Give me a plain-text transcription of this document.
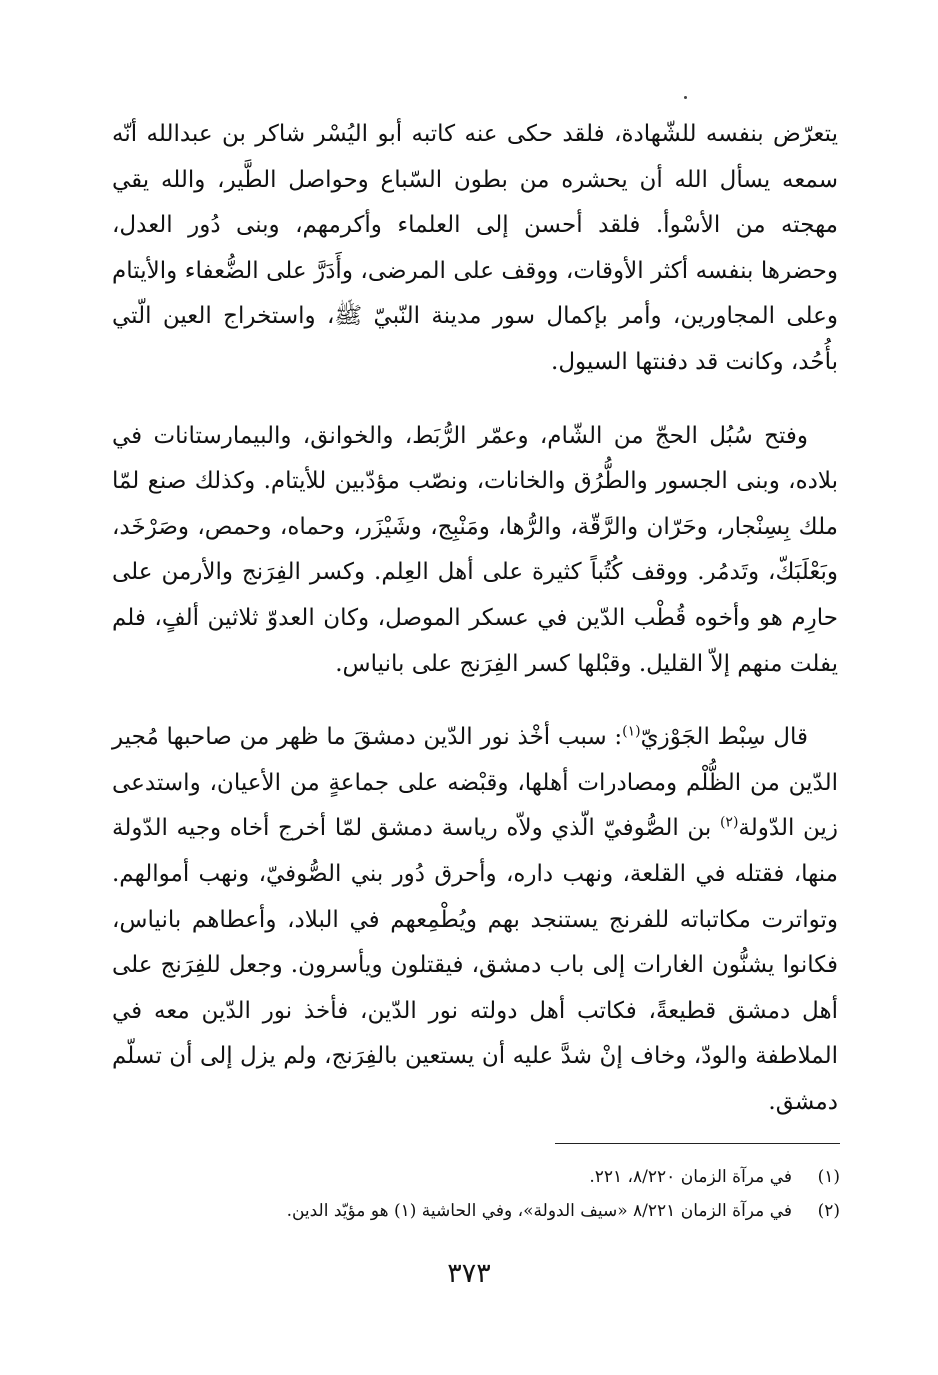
يتعرّض بنفسه للشّهادة، فلقد حكى عنه كاتبه أبو اليُسْر شاكر بن عبدالله أنّه سمعه يسأل الله أن يحشره من بطون السّباع وحواصل الطَّير، والله يقي مهجته من الأسْوأ. فلقد أحسن إلى العلماء وأكرمهم، وبنى دُور العدل، وحضرها بنفسه أكثر الأوقات، ووقف على المرضى، وأَدَرَّ على الضُّعفاء والأيتام وعلى المجاورين، وأمر بإكمال سور مدينة النّبيّ ﷺ، واستخراج العين الّتي بأُحُد، وكانت قد دفنتها السيول.

وفتح سُبُل الحجّ من الشّام، وعمّر الرُّبَط، والخوانق، والبيمارستانات في بلاده، وبنى الجسور والطُّرُق والخانات، ونصّب مؤدّبين للأيتام. وكذلك صنع لمّا ملك بِسِنْجار، وحَرّان والرَّقّة، والرُّها، ومَنْبِج، وشَيْزَر، وحماه، وحمص، وصَرْخَد، وبَعْلَبَكّ، وتَدمُر. ووقف كُتُباً كثيرة على أهل العِلم. وكسر الفِرَنج والأرمن على حارِم هو وأخوه قُطْب الدّين في عسكر الموصل، وكان العدوّ ثلاثين ألفٍ، فلم يفلت منهم إلاّ القليل. وقبْلها كسر الفِرَنج على بانياس.

قال سِبْط الجَوْزيّ$^{(١)}$: سبب أخْذ نور الدّين دمشقَ ما ظهر من صاحبها مُجير الدّين من الظُّلْم ومصادرات أهلها، وقبْضه على جماعةٍ من الأعيان، واستدعى زين الدّولة$^{(٢)}$ بن الصُّوفيّ الّذي ولاّه رياسة دمشق لمّا أخرج أخاه وجيه الدّولة منها، فقتله في القلعة، ونهب داره، وأحرق دُور بني الصُّوفيّ، ونهب أموالهم. وتواترت مكاتباته للفرنج يستنجد بهم ويُطْمِعهم في البلاد، وأعطاهم بانياس، فكانوا يشنُّون الغارات إلى باب دمشق، فيقتلون ويأسرون. وجعل للفِرَنج على أهل دمشق قطيعةً، فكاتب أهل دولته نور الدّين، فأخذ نور الدّين معه في الملاطفة والودّ، وخاف إنْ شدَّ عليه أن يستعين بالفِرَنج، ولم يزل إلى أن تسلّم دمشق.

(١)
في مرآة الزمان ٨/٢٢٠، ٢٢١.
(٢)
في مرآة الزمان ٨/٢٢١ «سيف الدولة»، وفي الحاشية (١) هو مؤيّد الدين.
٣٧٣
